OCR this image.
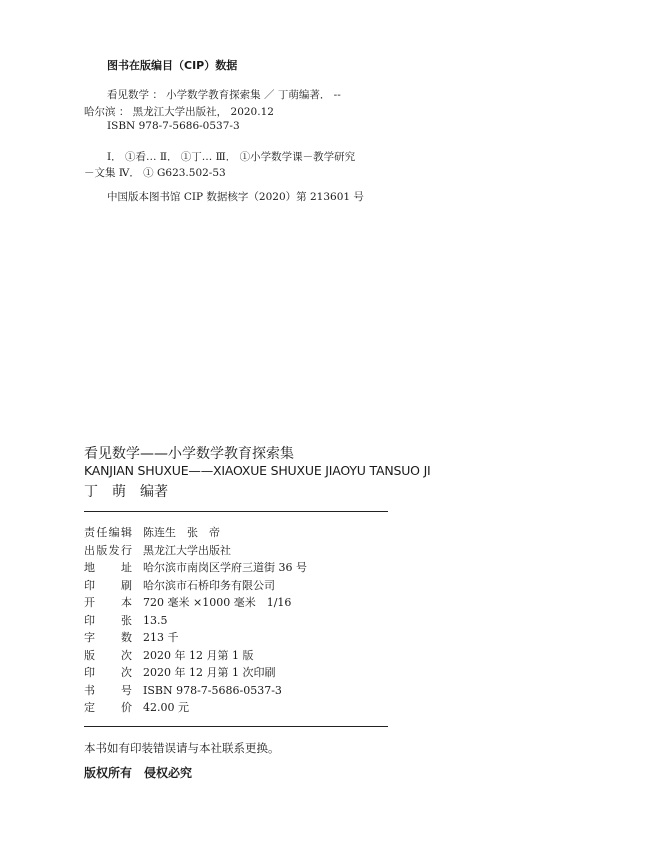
图书在版编目（CIP）数据
看见数学 ： 小学数学教育探索集 ／ 丁萌编著． --
哈尔滨 ： 黑龙江大学出版社， 2020.12
ISBN 978-7-5686-0537-3
Ⅰ． ①看… Ⅱ． ①丁… Ⅲ． ①小学数学课－教学研究
－文集 Ⅳ． ① G623.502-53
中国版本图书馆 CIP 数据核字（2020）第 213601 号
看见数学——小学数学教育探索集
KANJIAN SHUXUE——XIAOXUE SHUXUE JIAOYU TANSUO JI
丁　萌　编著
责 任 编 辑 陈连生　张　帝
出 版 发 行 黑龙江大学出版社
地 址 哈尔滨市南岗区学府三道街 36 号
印 刷 哈尔滨市石桥印务有限公司
开 本 720 毫米 ×1000 毫米　1/16
印 张 13.5
字 数 213 千
版 次 2020 年 12 月第 1 版
印 次 2020 年 12 月第 1 次印刷
书 号 ISBN 978-7-5686-0537-3
定 价 42.00 元
本书如有印装错误请与本社联系更换。
版权所有　侵权必究
